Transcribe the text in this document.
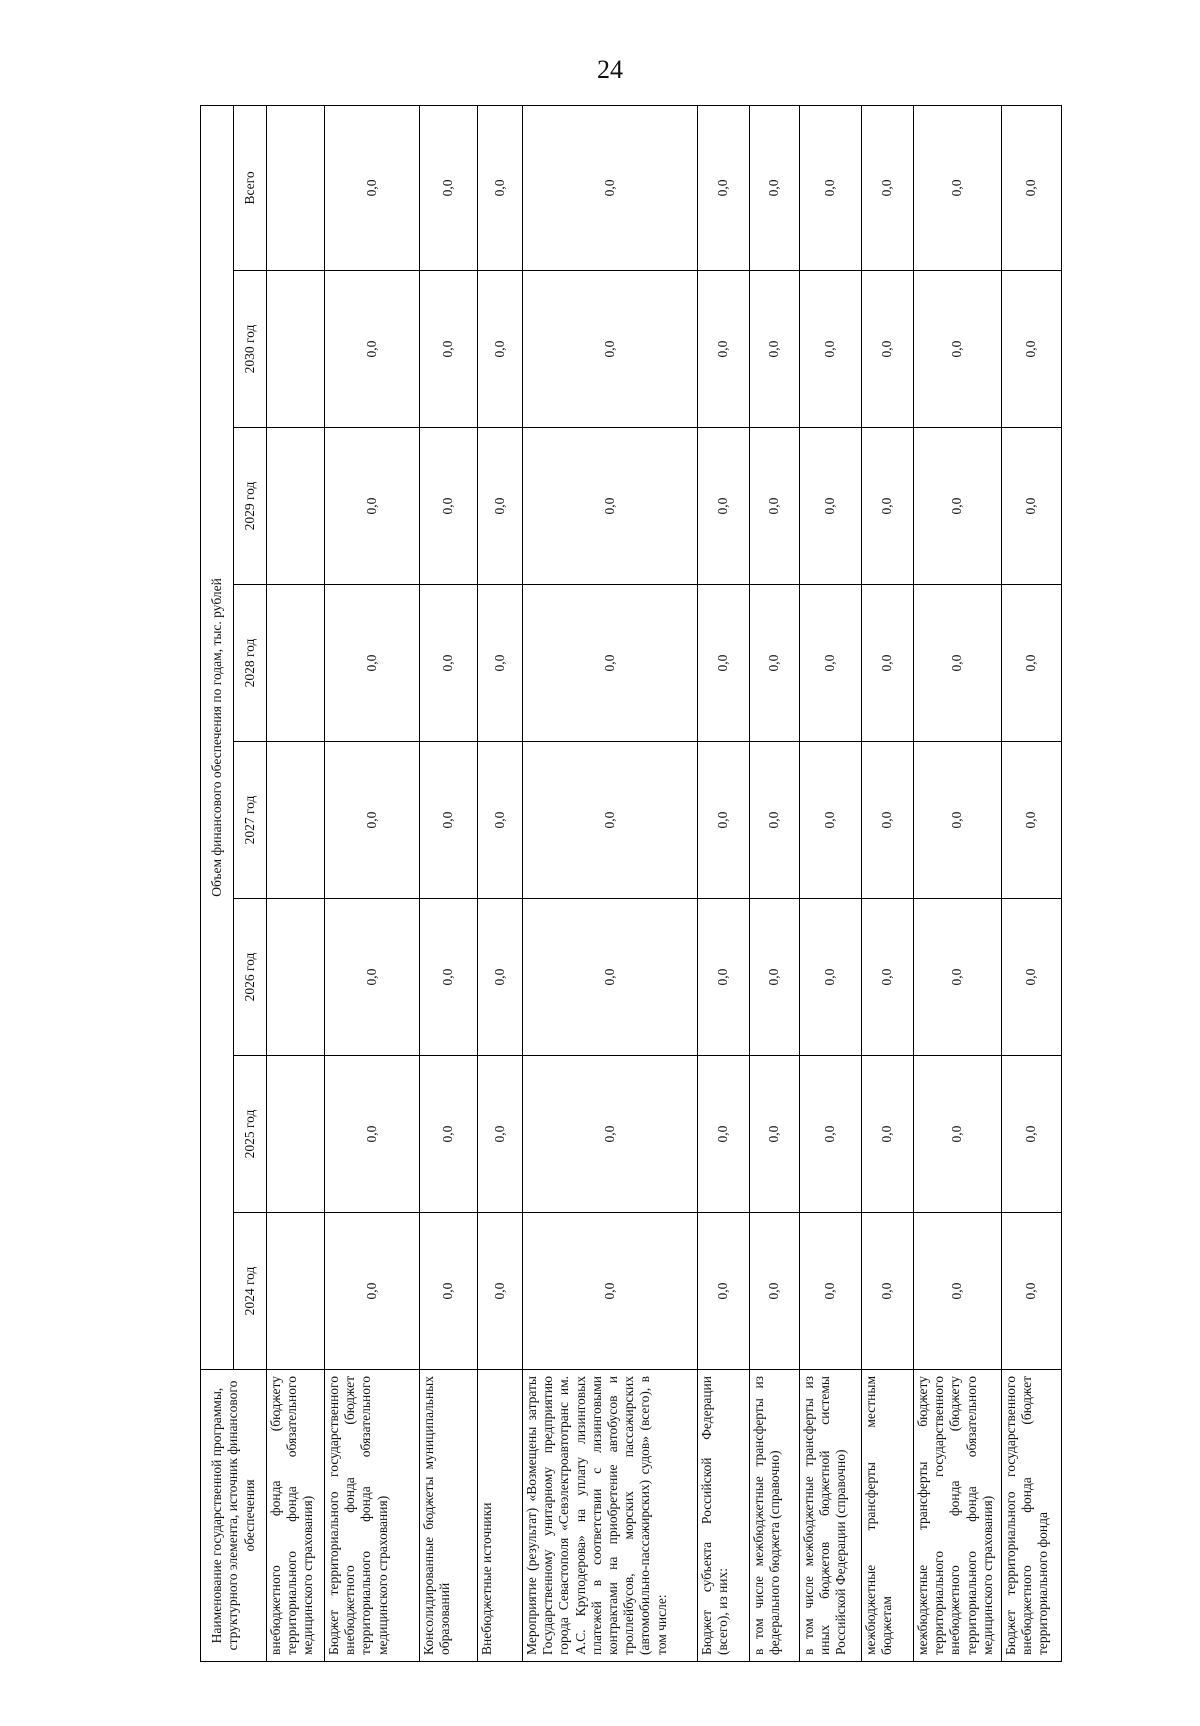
24
Наименование государственной программы, структурного элемента, источник финансового обеспечения	Объем финансового обеспечения по годам, тыс. рублей							
	2024 год	2025 год	2026 год	2027 год	2028 год	2029 год	2030 год	Всего
внебюджетного фонда (бюджету территориального фонда обязательного медицинского страхования)								
Бюджет территориального государственного внебюджетного фонда (бюджет территориального фонда обязательного медицинского страхования)	0,0	0,0	0,0	0,0	0,0	0,0	0,0	0,0
Консолидированные бюджеты муниципальных образований	0,0	0,0	0,0	0,0	0,0	0,0	0,0	0,0
Внебюджетные источники	0,0	0,0	0,0	0,0	0,0	0,0	0,0	0,0
Мероприятие (результат) «Возмещены затраты Государственному унитарному предприятию города Севастополя «Севэлектроавтотранс им. А.С. Круподерова» на уплату лизинговых платежей в соответствии с лизинговыми контрактами на приобретение автобусов и троллейбусов, морских пассажирских (автомобильно-пассажирских) судов» (всего), в том числе:	0,0	0,0	0,0	0,0	0,0	0,0	0,0	0,0
Бюджет субъекта Российской Федерации (всего), из них:	0,0	0,0	0,0	0,0	0,0	0,0	0,0	0,0
в том числе межбюджетные трансферты из федерального бюджета (справочно)	0,0	0,0	0,0	0,0	0,0	0,0	0,0	0,0
в том числе межбюджетные трансферты из иных бюджетов бюджетной системы Российской Федерации (справочно)	0,0	0,0	0,0	0,0	0,0	0,0	0,0	0,0
межбюджетные трансферты местным бюджетам	0,0	0,0	0,0	0,0	0,0	0,0	0,0	0,0
межбюджетные трансферты бюджету территориального государственного внебюджетного фонда (бюджету территориального фонда обязательного медицинского страхования)	0,0	0,0	0,0	0,0	0,0	0,0	0,0	0,0
Бюджет территориального государственного внебюджетного фонда (бюджет территориального фонда	0,0	0,0	0,0	0,0	0,0	0,0	0,0	0,0
